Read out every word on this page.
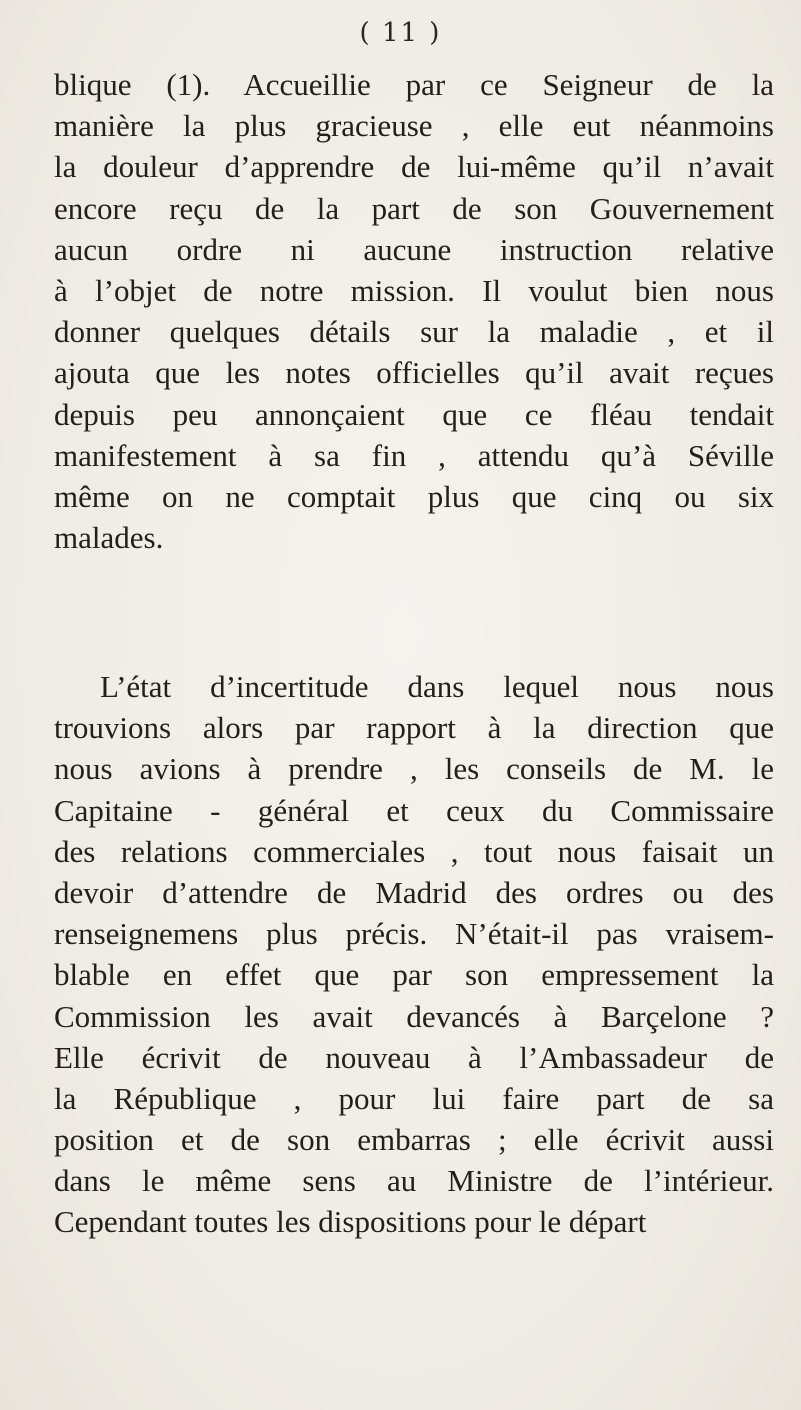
( 11 )
blique (1). Accueillie par ce Seigneur de la
manière la plus gracieuse , elle eut néanmoins
la douleur d’apprendre de lui-même qu’il n’avait
encore reçu de la part de son Gouvernement
aucun ordre ni aucune instruction relative
à l’objet de notre mission. Il voulut bien nous
donner quelques détails sur la maladie , et il
ajouta que les notes officielles qu’il avait reçues
depuis peu annonçaient que ce fléau tendait
manifestement à sa fin , attendu qu’à Séville
même on ne comptait plus que cinq ou six
malades.
L’état d’incertitude dans lequel nous nous
trouvions alors par rapport à la direction que
nous avions à prendre , les conseils de M. le
Capitaine - général et ceux du Commissaire
des relations commerciales , tout nous faisait un
devoir d’attendre de Madrid des ordres ou des
renseignemens plus précis. N’était-il pas vraisem-
blable en effet que par son empressement la
Commission les avait devancés à Barçelone ?
Elle écrivit de nouveau à l’Ambassadeur de
la République , pour lui faire part de sa
position et de son embarras ; elle écrivit aussi
dans le même sens au Ministre de l’intérieur.
Cependant toutes les dispositions pour le départ
